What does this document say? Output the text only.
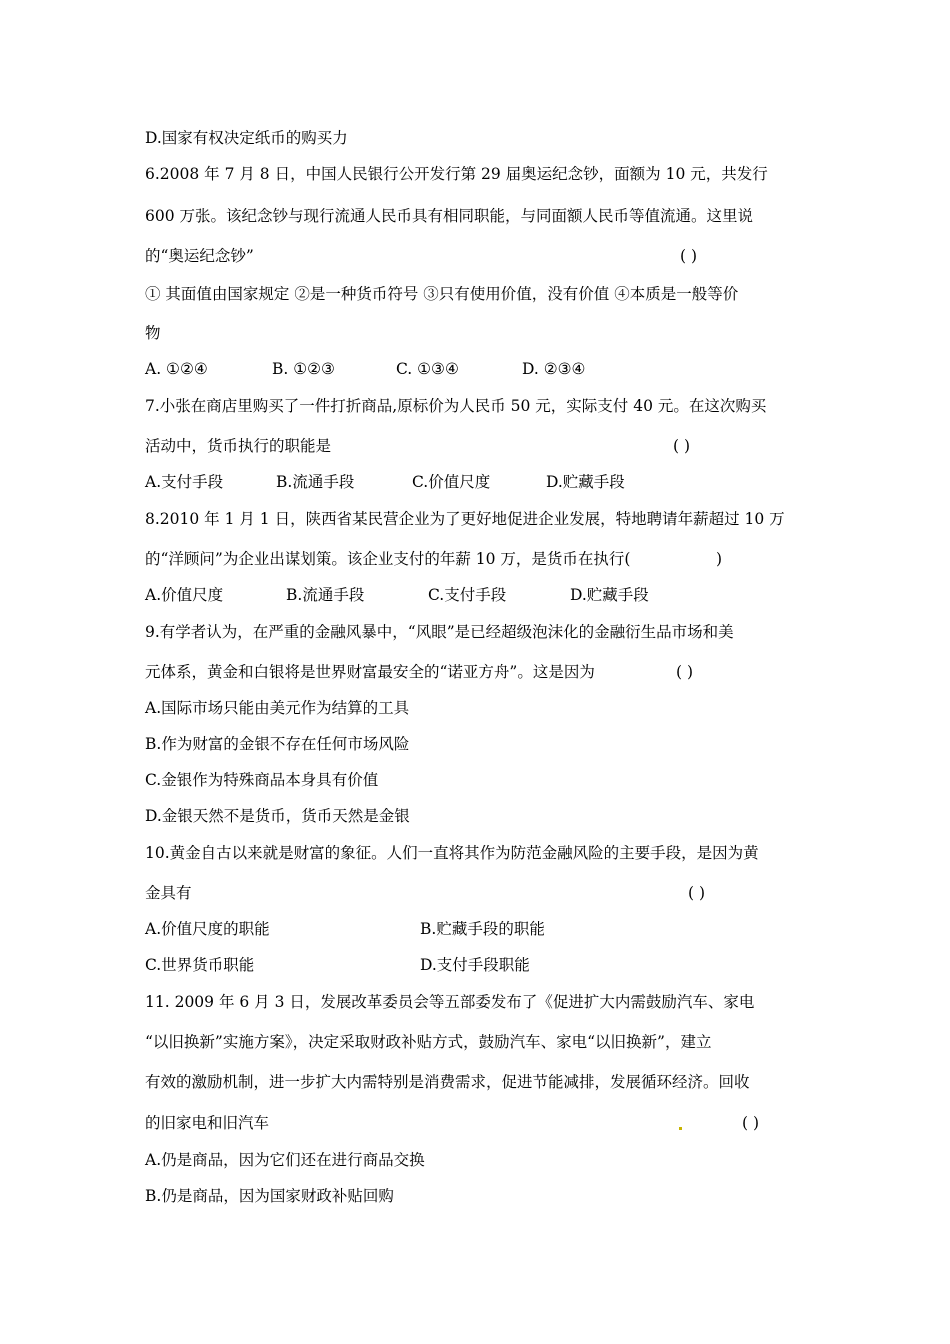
D.国家有权决定纸币的购买力
6.2008 年 7 月 8 日，中国人民银行公开发行第 29 届奥运纪念钞，面额为 10 元，共发行
600 万张。该纪念钞与现行流通人民币具有相同职能，与同面额人民币等值流通。这里说
的“奥运纪念钞”	( )
① 其面值由国家规定 ②是一种货币符号 ③只有使用价值，没有价值 ④本质是一般等价
物
A. ①②④	B. ①②③	C. ①③④	D. ②③④
7.小张在商店里购买了一件打折商品,原标价为人民币 50 元，实际支付 40 元。在这次购买
活动中，货币执行的职能是	( )
A.支付手段	B.流通手段	C.价值尺度	D.贮藏手段
8.2010 年 1 月 1 日，陕西省某民营企业为了更好地促进企业发展，特地聘请年薪超过 10 万
的“洋顾问”为企业出谋划策。该企业支付的年薪 10 万，是货币在执行(	)
A.价值尺度	B.流通手段	C.支付手段	D.贮藏手段
9.有学者认为，在严重的金融风暴中，“风眼”是已经超级泡沫化的金融衍生品市场和美
元体系，黄金和白银将是世界财富最安全的“诺亚方舟”。这是因为	( )
A.国际市场只能由美元作为结算的工具
B.作为财富的金银不存在任何市场风险
C.金银作为特殊商品本身具有价值
D.金银天然不是货币，货币天然是金银
10.黄金自古以来就是财富的象征。人们一直将其作为防范金融风险的主要手段，是因为黄
金具有	( )
A.价值尺度的职能	B.贮藏手段的职能
C.世界货币职能	D.支付手段职能
11. 2009 年 6 月 3 日，发展改革委员会等五部委发布了《促进扩大内需鼓励汽车、家电
“以旧换新”实施方案》，决定采取财政补贴方式，鼓励汽车、家电“以旧换新”，建立
有效的激励机制，进一步扩大内需特别是消费需求，促进节能减排，发展循环经济。回收
的旧家电和旧汽车	( )
A.仍是商品，因为它们还在进行商品交换
B.仍是商品，因为国家财政补贴回购
